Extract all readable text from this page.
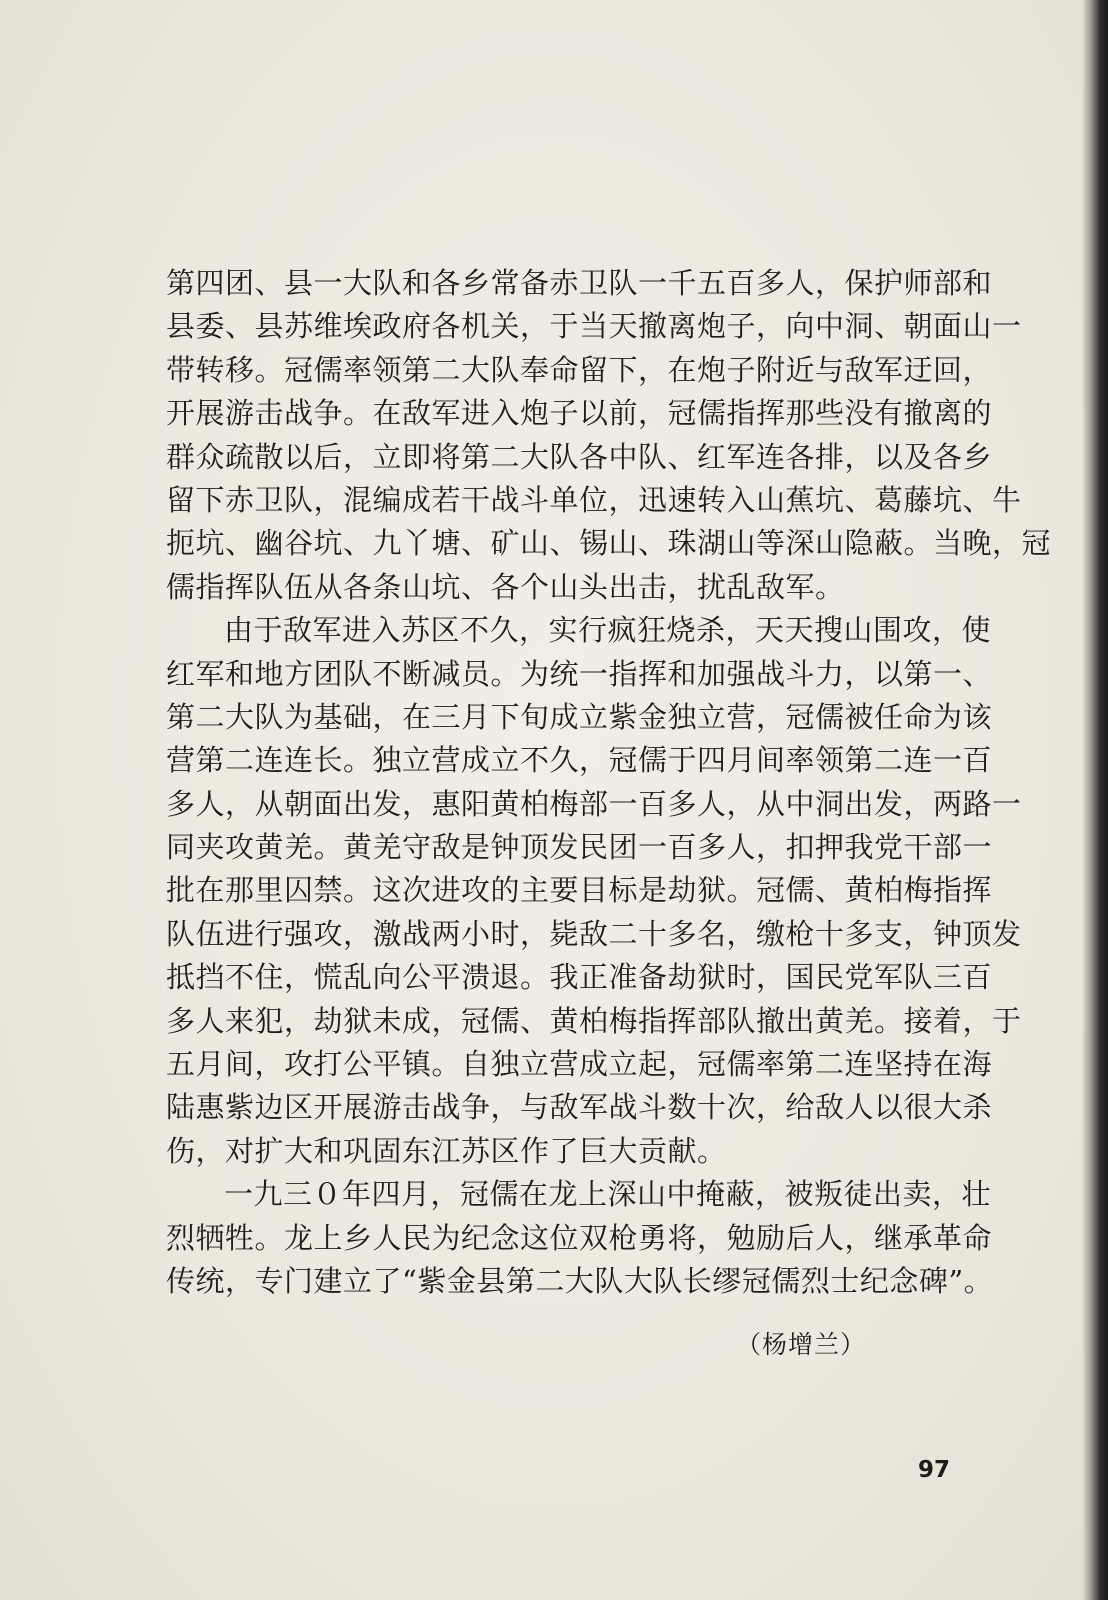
第四团、县一大队和各乡常备赤卫队一千五百多人，保护师部和
县委、县苏维埃政府各机关，于当天撤离炮子，向中洞、朝面山一
带转移。冠儒率领第二大队奉命留下，在炮子附近与敌军迂回，
开展游击战争。在敌军进入炮子以前，冠儒指挥那些没有撤离的
群众疏散以后，立即将第二大队各中队、红军连各排，以及各乡
留下赤卫队，混编成若干战斗单位，迅速转入山蕉坑、葛藤坑、牛
扼坑、幽谷坑、九丫塘、矿山、锡山、珠湖山等深山隐蔽。当晚，冠
儒指挥队伍从各条山坑、各个山头出击，扰乱敌军。
由于敌军进入苏区不久，实行疯狂烧杀，天天搜山围攻，使
红军和地方团队不断减员。为统一指挥和加强战斗力，以第一、
第二大队为基础，在三月下旬成立紫金独立营，冠儒被任命为该
营第二连连长。独立营成立不久，冠儒于四月间率领第二连一百
多人，从朝面出发，惠阳黄柏梅部一百多人，从中洞出发，两路一
同夹攻黄羌。黄羌守敌是钟顶发民团一百多人，扣押我党干部一
批在那里囚禁。这次进攻的主要目标是劫狱。冠儒、黄柏梅指挥
队伍进行强攻，激战两小时，毙敌二十多名，缴枪十多支，钟顶发
抵挡不住，慌乱向公平溃退。我正准备劫狱时，国民党军队三百
多人来犯，劫狱未成，冠儒、黄柏梅指挥部队撤出黄羌。接着，于
五月间，攻打公平镇。自独立营成立起，冠儒率第二连坚持在海
陆惠紫边区开展游击战争，与敌军战斗数十次，给敌人以很大杀
伤，对扩大和巩固东江苏区作了巨大贡献。
一九三０年四月，冠儒在龙上深山中掩蔽，被叛徒出卖，壮
烈牺牲。龙上乡人民为纪念这位双枪勇将，勉励后人，继承革命
传统，专门建立了“紫金县第二大队大队长缪冠儒烈士纪念碑”。
（杨增兰）
97
